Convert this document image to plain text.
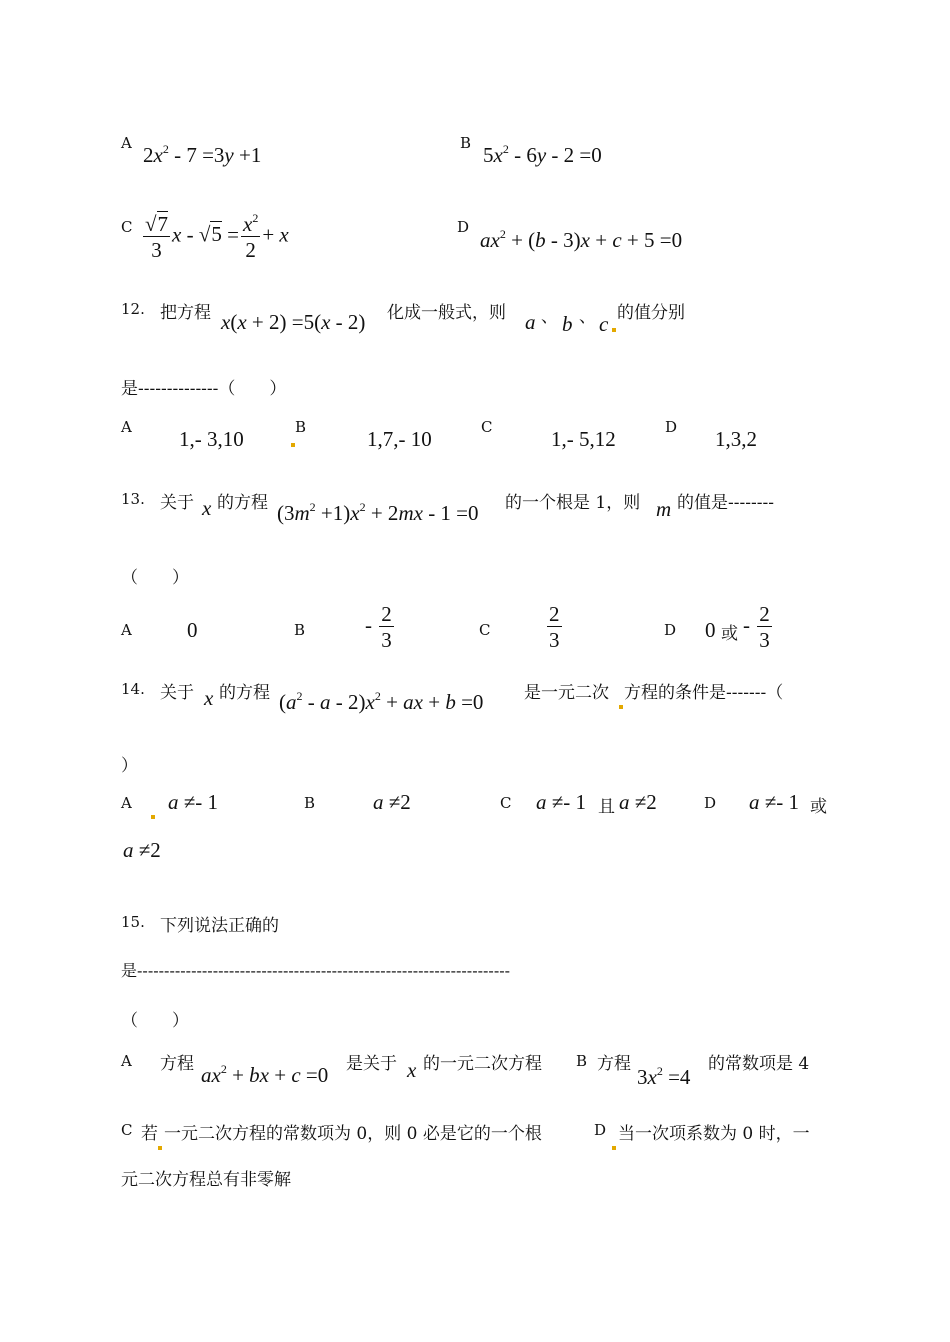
A $2x^2 - 7 =3y +1$	B $5x^2 - 6y - 2 =0$
C $\frac{√7}{3}$ $x - √5 = \frac{x^2}{2} + x$	D
$ax^2 + (b - 3)x + c + 5 =0$
12. 把方程 x(x + 2) =5(x - 2) 化成一般式，则 a 、 b 、 c 的值分别
是--------------（　　）
A 1,- 3,10	B	1,7,- 10	C	1,- 5,12	D 1,3,2
13. 关于 x 的方程 $(3m^2 +1)x^2 + 2mx - 1 =0$ 的一个根是 1，则 m 的值是--------
（　　）
A	0	B	- $\frac{2}{3}$	C	$\frac{2}{3}$	D 0 或 - $\frac{2}{3}$
14. 关于 x 的方程 ($a^2$ - a - $2)x^2$ + ax + b =0 是一元二次 方程的条件是-------（
）
A a ≠- 1	B	a ≠2	C a ≠- 1 且 a ≠2	D a ≠- 1 或
a ≠2
15. 下列说法正确的
是---------------------------------------------------------------------
（　　）
A 方程 $ax^2$ + bx + c =0 是关于 x 的一元二次方程 B 方程
$3x^2 =4$
的常数项是 4
C 若 一元二次方程的常数项为 0，则 0 必是它的一个根	D 当一次项系数为 0 时，一
元二次方程总有非零解
